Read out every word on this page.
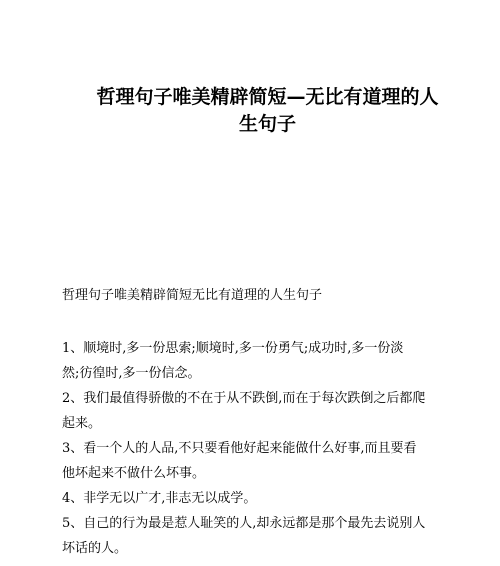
哲理句子唯美精辟简短—无比有道理的人
生句子

哲理句子唯美精辟简短无比有道理的人生句子

1、顺境时,多一份思索;顺境时,多一份勇气;成功时,多一份淡

然;彷徨时,多一份信念。

2、我们最值得骄傲的不在于从不跌倒,而在于每次跌倒之后都爬

起来。

3、看一个人的人品,不只要看他好起来能做什么好事,而且要看

他坏起来不做什么坏事。

4、非学无以广才,非志无以成学。

5、自己的行为最是惹人耻笑的人,却永远都是那个最先去说别人

坏话的人。
